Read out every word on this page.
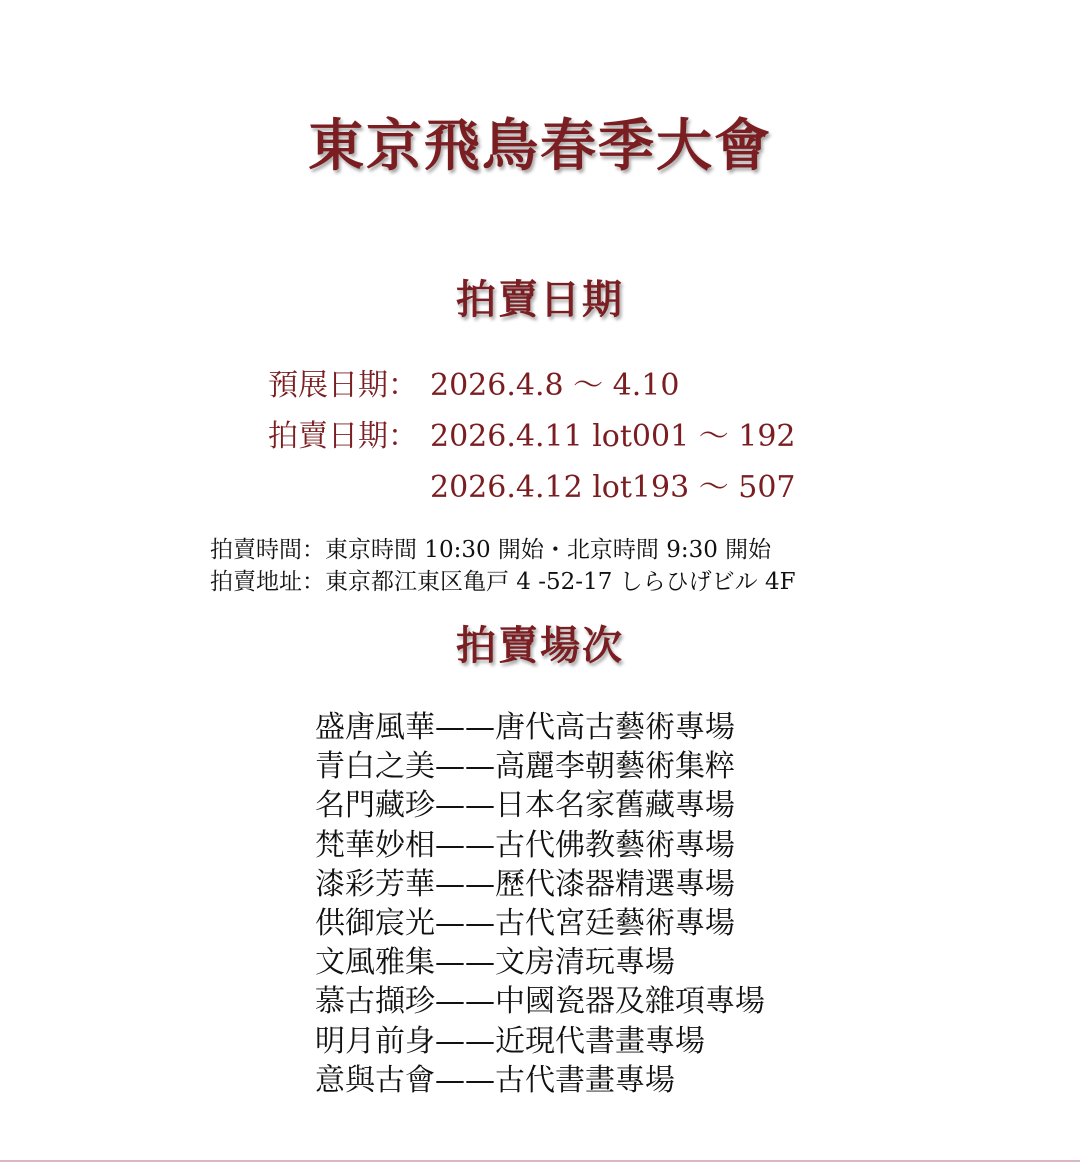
東京飛鳥春季大會
拍賣日期
預展日期： 2026.4.8 ～ 4.10
拍賣日期： 2026.4.11 lot001 ～ 192
2026.4.12 lot193 ～ 507
拍賣時間：東京時間 10:30 開始・北京時間 9:30 開始
拍賣地址：東京都江東区亀戸 4 -52-17 しらひげビル 4F
拍賣場次
盛唐風華——唐代高古藝術專場
青白之美——高麗李朝藝術集粹
名門藏珍——日本名家舊藏專場
梵華妙相——古代佛教藝術專場
漆彩芳華——歷代漆器精選專場
供御宸光——古代宮廷藝術專場
文風雅集——文房清玩專場
慕古擷珍——中國瓷器及雜項專場
明月前身——近現代書畫專場
意與古會——古代書畫專場
